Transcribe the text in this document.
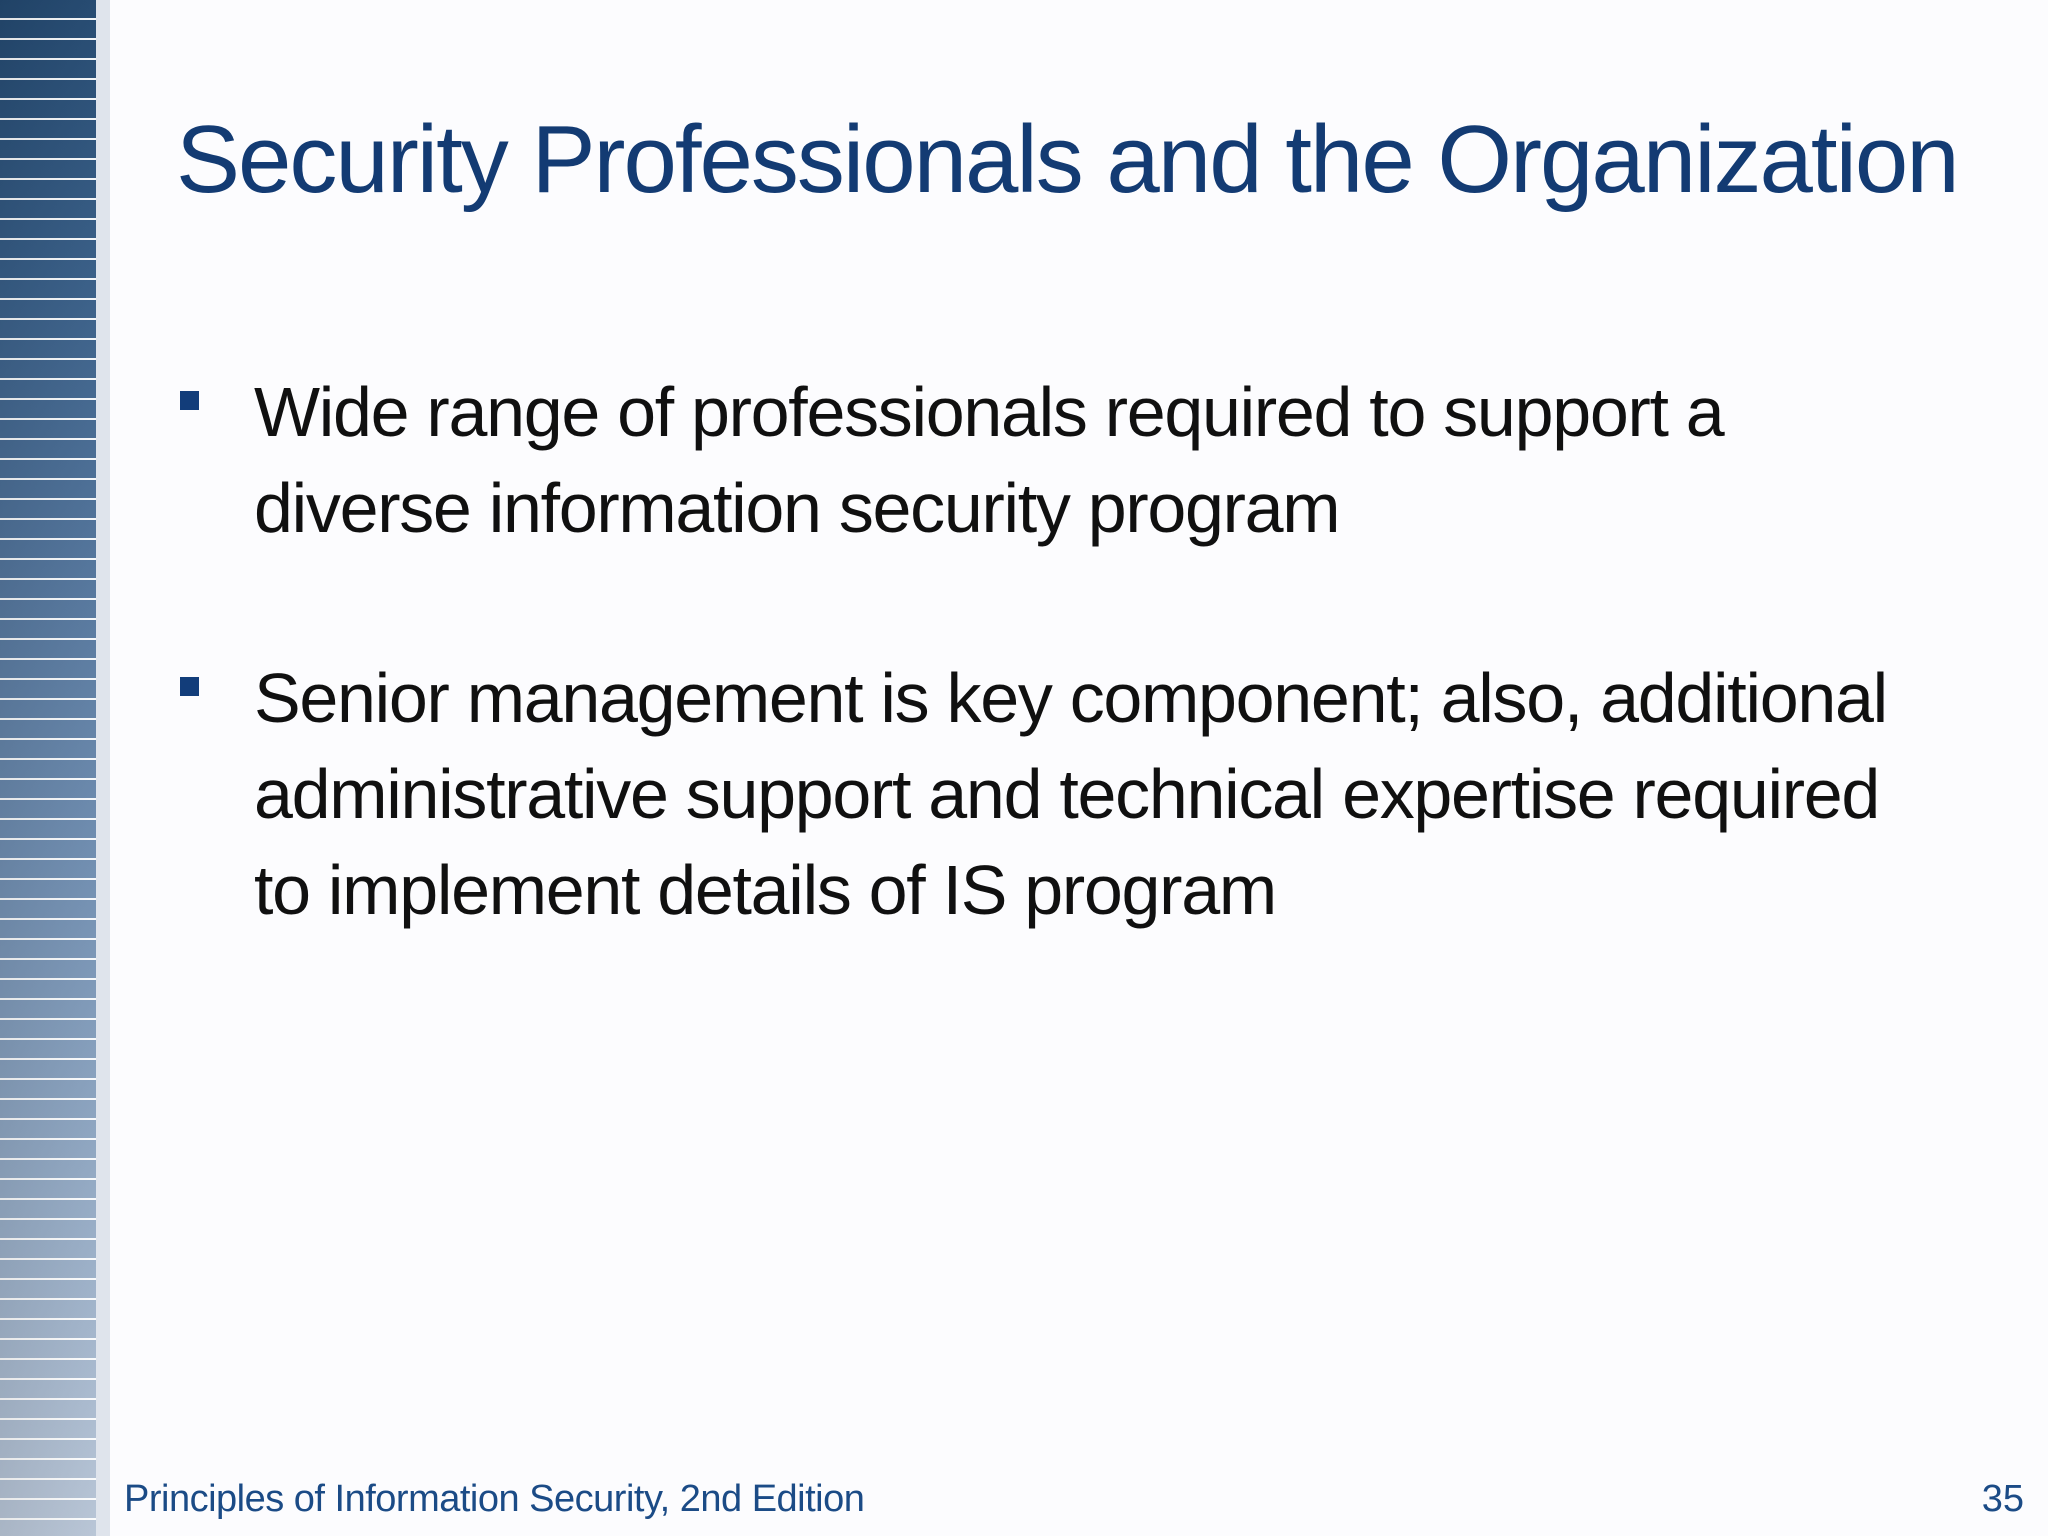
Security Professionals and the Organization
Wide range of professionals required to support a diverse information security program
Senior management is key component; also, additional administrative support and technical expertise required to implement details of IS program
Principles of Information Security, 2nd Edition	35
